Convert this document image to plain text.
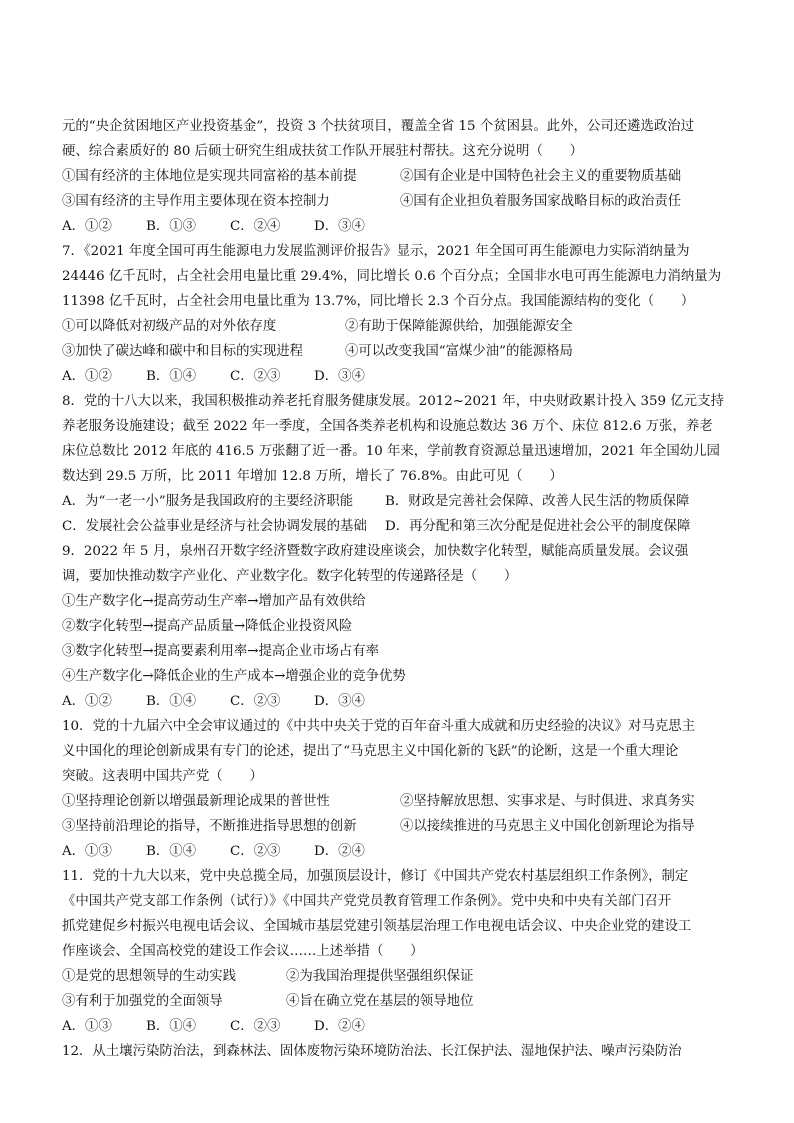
元的“央企贫困地区产业投资基金”，投资 3 个扶贫项目，覆盖全省 15 个贫困县。此外，公司还遴选政治过
硬、综合素质好的 80 后硕士研究生组成扶贫工作队开展驻村帮扶。这充分说明（　　）
①国有经济的主体地位是实现共同富裕的基本前提	②国有企业是中国特色社会主义的重要物质基础
③国有经济的主导作用主要体现在资本控制力	④国有企业担负着服务国家战略目标的政治责任
A．①②	B．①③	C．②④	D．③④
7．《2021 年度全国可再生能源电力发展监测评价报告》显示，2021 年全国可再生能源电力实际消纳量为
24446 亿千瓦时，占全社会用电量比重 29.4%，同比增长 0.6 个百分点；全国非水电可再生能源电力消纳量为
11398 亿千瓦时，占全社会用电量比重为 13.7%，同比增长 2.3 个百分点。我国能源结构的变化（　　）
①可以降低对初级产品的对外依存度	②有助于保障能源供给，加强能源安全
③加快了碳达峰和碳中和目标的实现进程	④可以改变我国“富煤少油”的能源格局
A．①②	B．①④	C．②③	D．③④
8．党的十八大以来，我国积极推动养老托育服务健康发展。2012~2021 年，中央财政累计投入 359 亿元支持
养老服务设施建设；截至 2022 年一季度，全国各类养老机构和设施总数达 36 万个、床位 812.6 万张，养老
床位总数比 2012 年底的 416.5 万张翻了近一番。10 年来，学前教育资源总量迅速增加，2021 年全国幼儿园
数达到 29.5 万所，比 2011 年增加 12.8 万所，增长了 76.8%。由此可见（　　）
A．为“一老一小”服务是我国政府的主要经济职能	B．财政是完善社会保障、改善人民生活的物质保障
C．发展社会公益事业是经济与社会协调发展的基础	D．再分配和第三次分配是促进社会公平的制度保障
9．2022 年 5 月，泉州召开数字经济暨数字政府建设座谈会，加快数字化转型，赋能高质量发展。会议强
调，要加快推动数字产业化、产业数字化。数字化转型的传递路径是（　　）
①生产数字化→提高劳动生产率→增加产品有效供给
②数字化转型→提高产品质量→降低企业投资风险
③数字化转型→提高要素利用率→提高企业市场占有率
④生产数字化→降低企业的生产成本→增强企业的竞争优势
A．①②	B．①④	C．②③	D．③④
10．党的十九届六中全会审议通过的《中共中央关于党的百年奋斗重大成就和历史经验的决议》对马克思主
义中国化的理论创新成果有专门的论述，提出了“马克思主义中国化新的飞跃”的论断，这是一个重大理论
突破。这表明中国共产党（　　）
①坚持理论创新以增强最新理论成果的普世性	②坚持解放思想、实事求是、与时俱进、求真务实
③坚持前沿理论的指导，不断推进指导思想的创新	④以接续推进的马克思主义中国化创新理论为指导
A．①③	B．①④	C．②③	D．②④
11．党的十九大以来，党中央总揽全局，加强顶层设计，修订《中国共产党农村基层组织工作条例》，制定
《中国共产党支部工作条例（试行）》《中国共产党党员教育管理工作条例》。党中央和中央有关部门召开
抓党建促乡村振兴电视电话会议、全国城市基层党建引领基层治理工作电视电话会议、中央企业党的建设工
作座谈会、全国高校党的建设工作会议……上述举措（　　）
①是党的思想领导的生动实践	②为我国治理提供坚强组织保证
③有利于加强党的全面领导	④旨在确立党在基层的领导地位
A．①③	B．①④	C．②③	D．②④
12．从土壤污染防治法，到森林法、固体废物污染环境防治法、长江保护法、湿地保护法、噪声污染防治
